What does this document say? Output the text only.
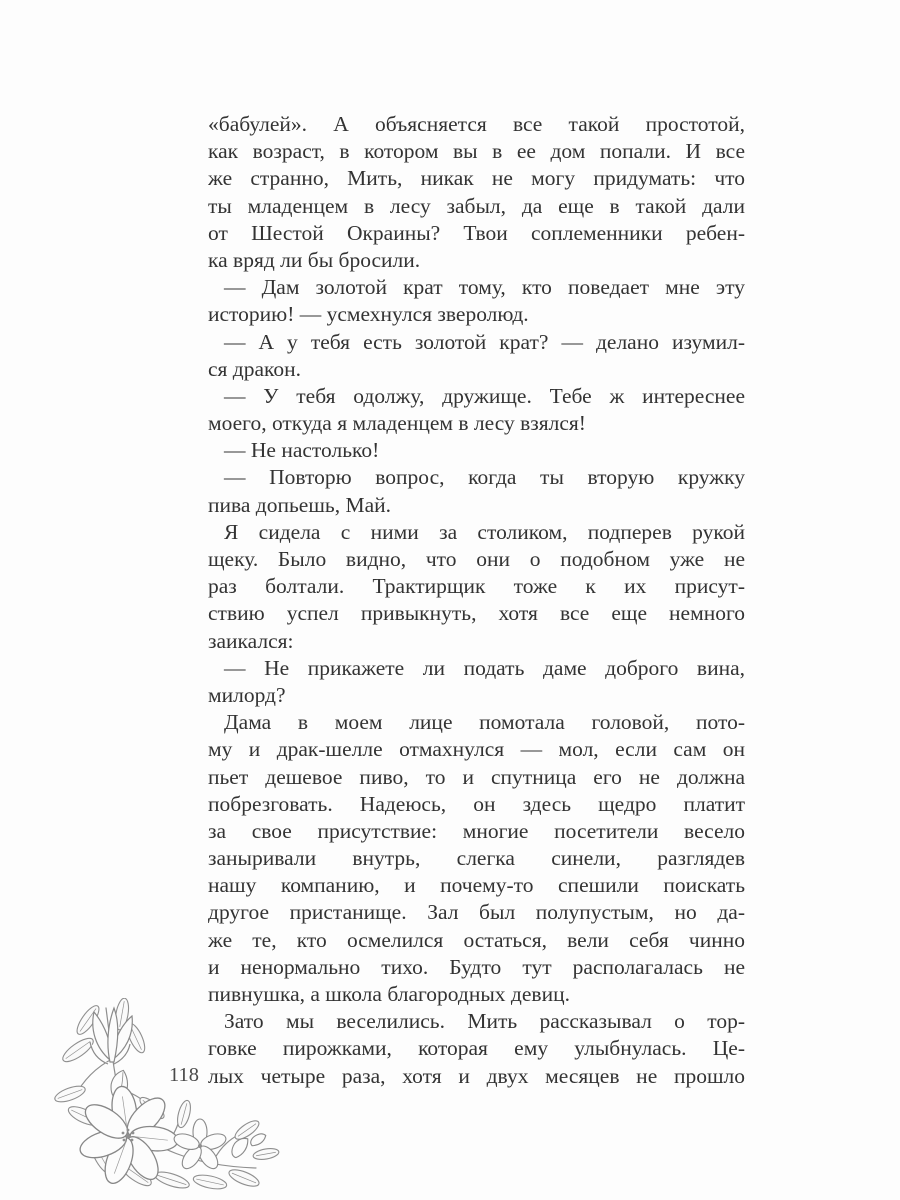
«бабулей». А объясняется все такой простотой,
как возраст, в котором вы в ее дом попали. И все
же странно, Мить, никак не могу придумать: что
ты младенцем в лесу забыл, да еще в такой дали
от Шестой Окраины? Твои соплеменники ребен-
ка вряд ли бы бросили.
— Дам золотой крат тому, кто поведает мне эту
историю! — усмехнулся зверолюд.
— А у тебя есть золотой крат? — делано изумил-
ся дракон.
— У тебя одолжу, дружище. Тебе ж интереснее
моего, откуда я младенцем в лесу взялся!
— Не настолько!
— Повторю вопрос, когда ты вторую кружку
пива допьешь, Май.
Я сидела с ними за столиком, подперев рукой
щеку. Было видно, что они о подобном уже не
раз болтали. Трактирщик тоже к их присут-
ствию успел привыкнуть, хотя все еще немного
заикался:
— Не прикажете ли подать даме доброго вина,
милорд?
Дама в моем лице помотала головой, пото-
му и драк-шелле отмахнулся — мол, если сам он
пьет дешевое пиво, то и спутница его не должна
побрезговать. Надеюсь, он здесь щедро платит
за свое присутствие: многие посетители весело
заныривали внутрь, слегка синели, разглядев
нашу компанию, и почему-то спешили поискать
другое пристанище. Зал был полупустым, но да-
же те, кто осмелился остаться, вели себя чинно
и ненормально тихо. Будто тут располагалась не
пивнушка, а школа благородных девиц.
Зато мы веселились. Мить рассказывал о тор-
говке пирожками, которая ему улыбнулась. Це-
лых четыре раза, хотя и двух месяцев не прошло
118
